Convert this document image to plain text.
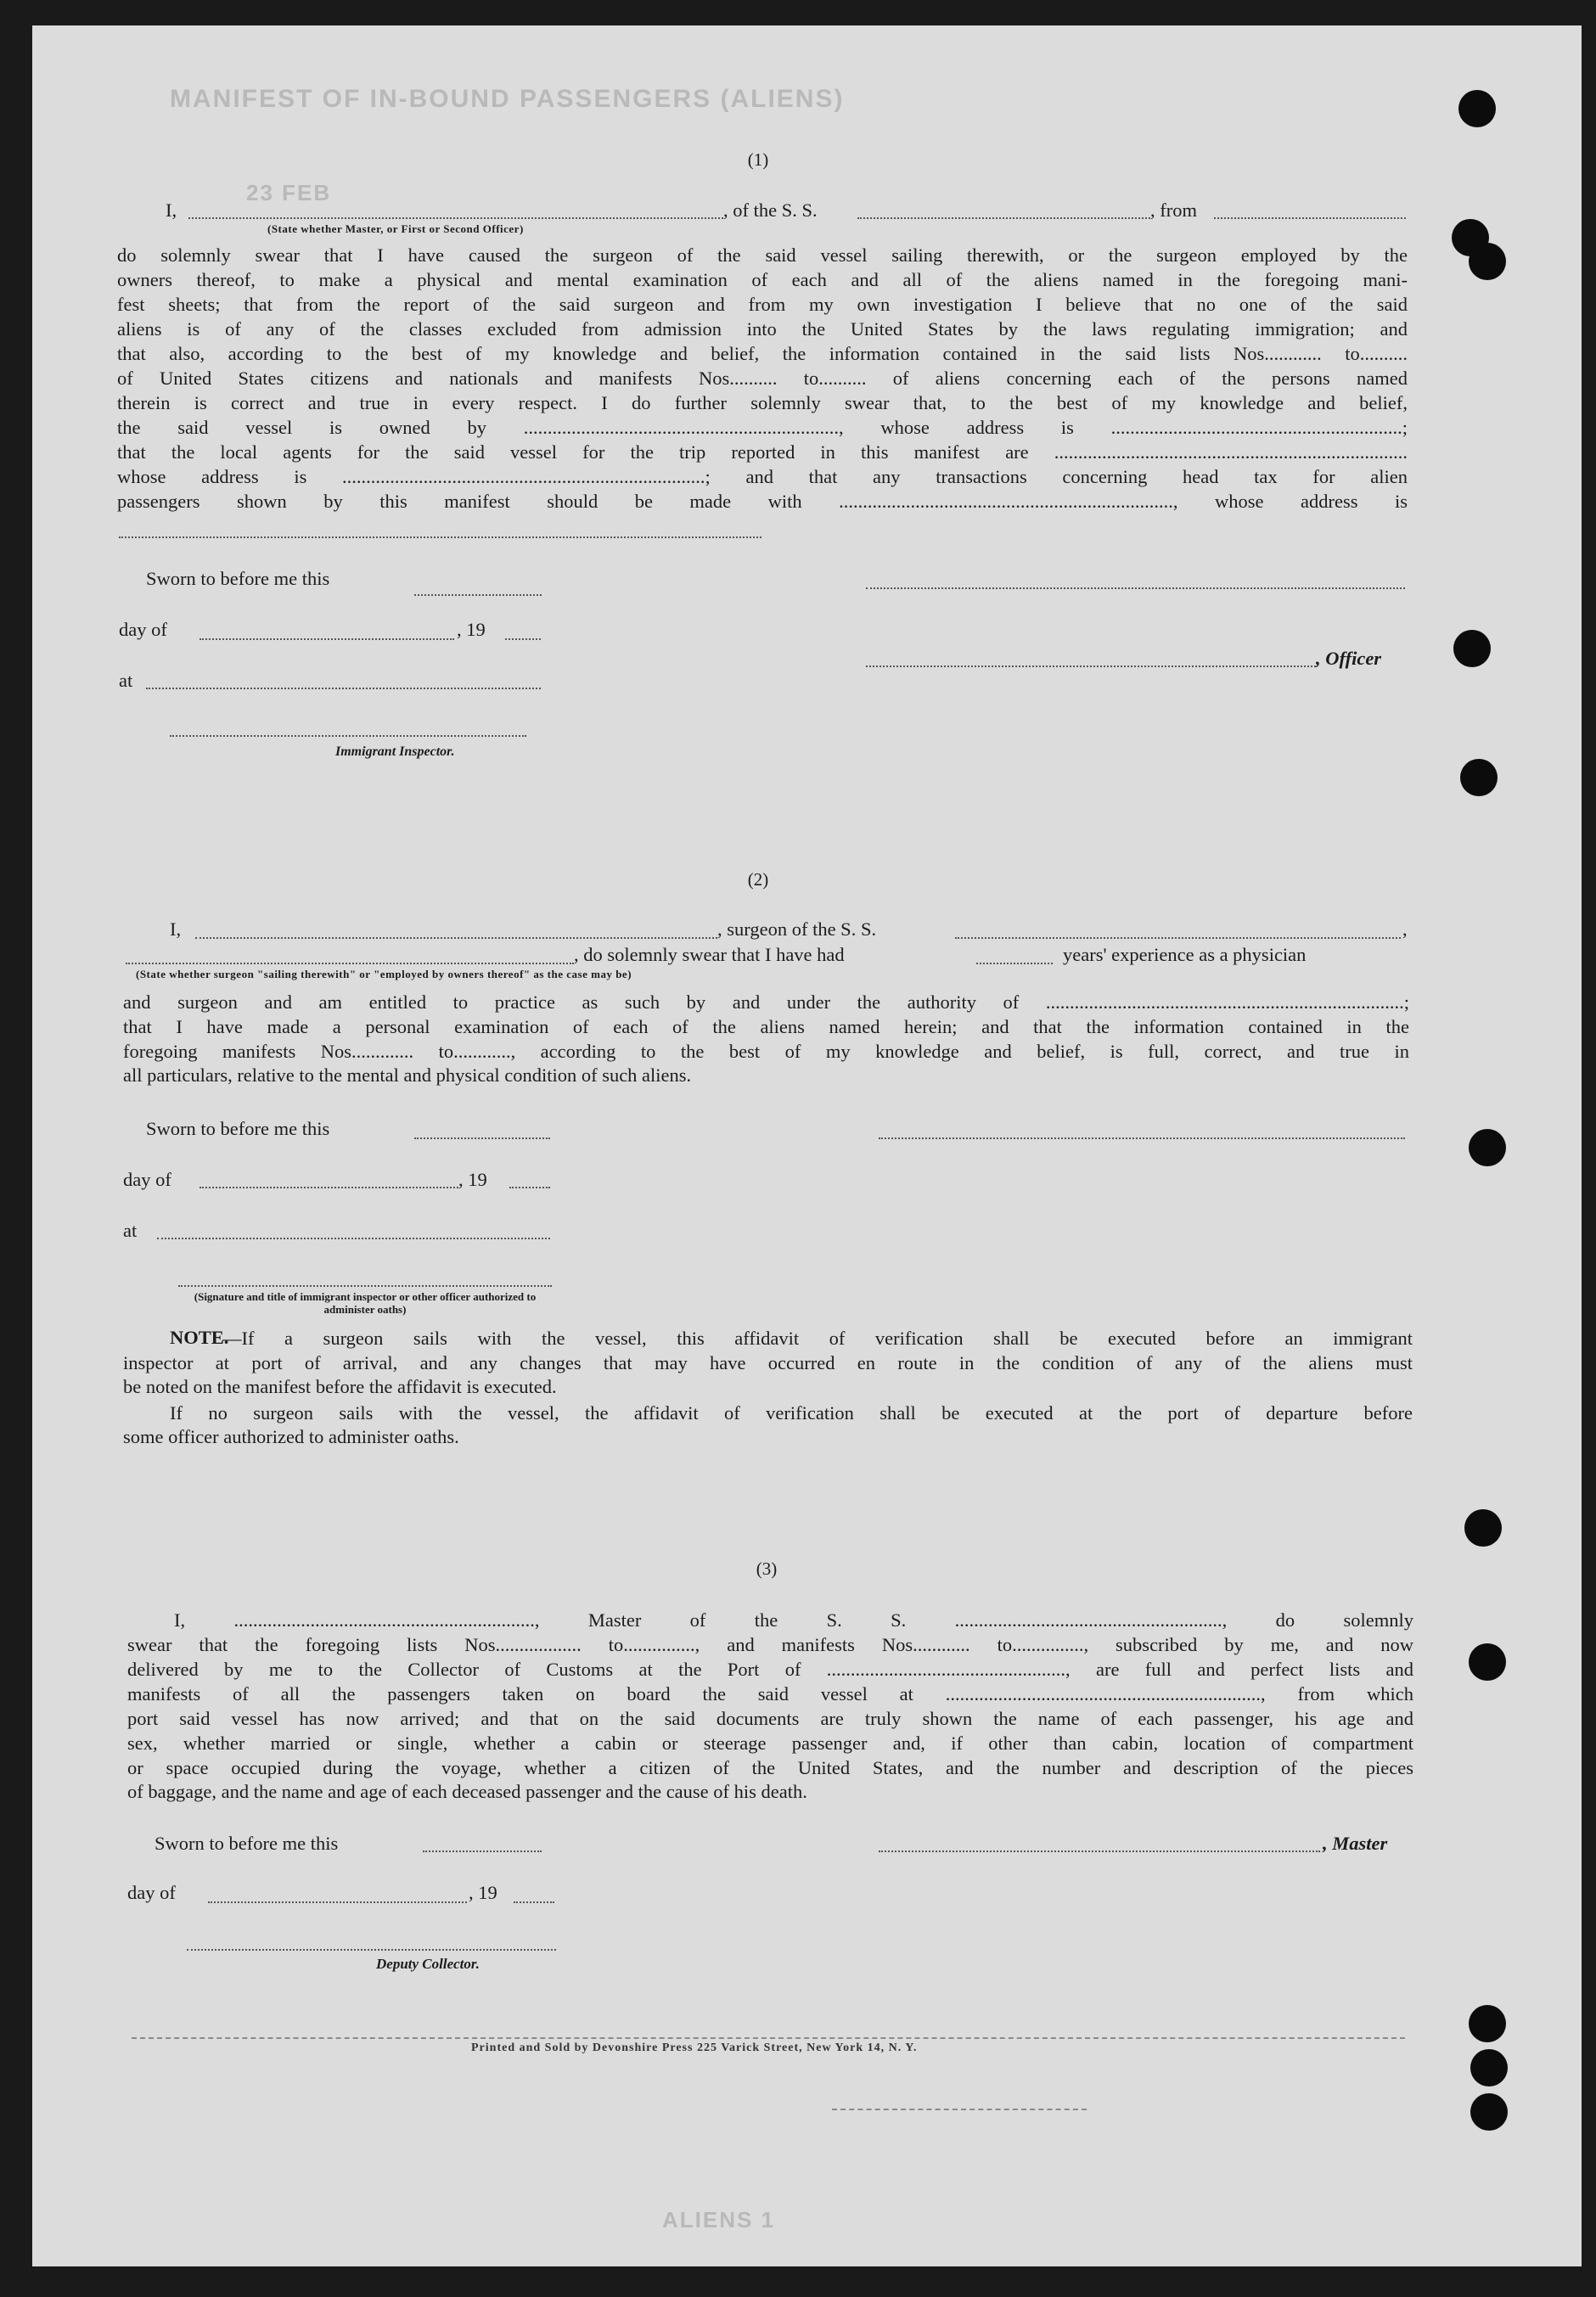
MANIFEST OF IN-BOUND PASSENGERS (ALIENS)
23 FEB
ALIENS 1
(1)
I,	, of the S. S.	, from
(State whether Master, or First or Second Officer)
do solemnly swear that I have caused the surgeon of the said vessel sailing therewith, or the surgeon employed by the
owners thereof, to make a physical and mental examination of each and all of the aliens named in the foregoing mani-
fest sheets; that from the report of the said surgeon and from my own investigation I believe that no one of the said
aliens is of any of the classes excluded from admission into the United States by the laws regulating immigration; and
that also, according to the best of my knowledge and belief, the information contained in the said lists Nos............ to..........
of United States citizens and nationals and manifests Nos.......... to.......... of aliens concerning each of the persons named
therein is correct and true in every respect. I do further solemnly swear that, to the best of my knowledge and belief,
the said vessel is owned by .................................................................., whose address is .............................................................;
that the local agents for the said vessel for the trip reported in this manifest are ..........................................................................
whose address is ............................................................................; and that any transactions concerning head tax for alien
passengers shown by this manifest should be made with ......................................................................, whose address is
Sworn to before me this
day of	, 19
, Officer
at
Immigrant Inspector.
(2)
I,	, surgeon of the S. S.	,
, do solemnly swear that I have had	years' experience as a physician
(State whether surgeon "sailing therewith" or "employed by owners thereof" as the case may be)
and surgeon and am entitled to practice as such by and under the authority of ...........................................................................;
that I have made a personal examination of each of the aliens named herein; and that the information contained in the
foregoing manifests Nos............. to............, according to the best of my knowledge and belief, is full, correct, and true in
all particulars, relative to the mental and physical condition of such aliens.
Sworn to before me this
day of	, 19
at
(Signature and title of immigrant inspector or other officer authorized to administer oaths)
NOTE.
—If a surgeon sails with the vessel, this affidavit of verification shall be executed before an immigrant
inspector at port of arrival, and any changes that may have occurred en route in the condition of any of the aliens must
be noted on the manifest before the affidavit is executed.
If no surgeon sails with the vessel, the affidavit of verification shall be executed at the port of departure before
some officer authorized to administer oaths.
(3)
I, ..............................................................., Master of the S. S. ........................................................, do solemnly
swear that the foregoing lists Nos.................. to..............., and manifests Nos............ to..............., subscribed by me, and now
delivered by me to the Collector of Customs at the Port of .................................................., are full and perfect lists and
manifests of all the passengers taken on board the said vessel at .................................................................., from which
port said vessel has now arrived; and that on the said documents are truly shown the name of each passenger, his age and
sex, whether married or single, whether a cabin or steerage passenger and, if other than cabin, location of compartment
or space occupied during the voyage, whether a citizen of the United States, and the number and description of the pieces
of baggage, and the name and age of each deceased passenger and the cause of his death.
Sworn to before me this	, Master
day of	, 19
Deputy Collector.
Printed and Sold by Devonshire Press 225 Varick Street, New York 14, N. Y.
